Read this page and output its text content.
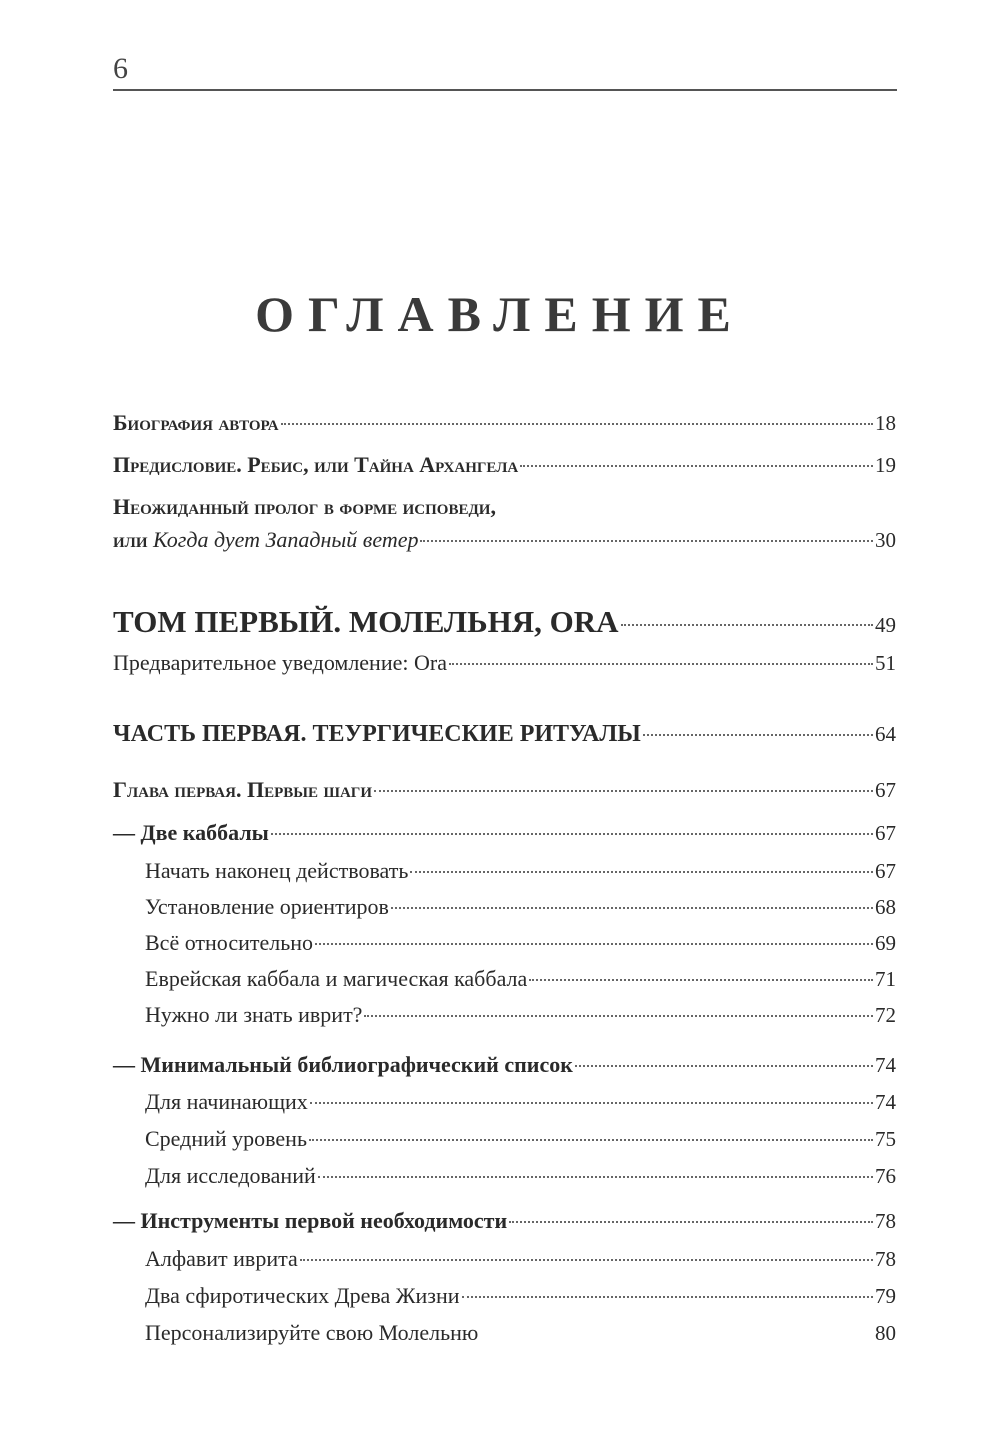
6
ОГЛАВЛЕНИЕ
Биография автора	18
Предисловие. Ребис, или Тайна Архангела	19
Неожиданный пролог в форме исповеди,
или
Когда дует Западный ветер	30
ТОМ ПЕРВЫЙ. МОЛЕЛЬНЯ, ORA	49
Предварительное уведомление: Ora	51
ЧАСТЬ ПЕРВАЯ. ТЕУРГИЧЕСКИЕ РИТУАЛЫ	64
Глава первая. Первые шаги	67
— Две каббалы	67
Начать наконец действовать	67
Установление ориентиров	68
Всё относительно	69
Еврейская каббала и магическая каббала	71
Нужно ли знать иврит?	72
— Минимальный библиографический список	74
Для начинающих	74
Средний уровень	75
Для исследований	76
— Инструменты первой необходимости	78
Алфавит иврита	78
Два сфиротических Древа Жизни	79
Персонализируйте свою Молельню	80
